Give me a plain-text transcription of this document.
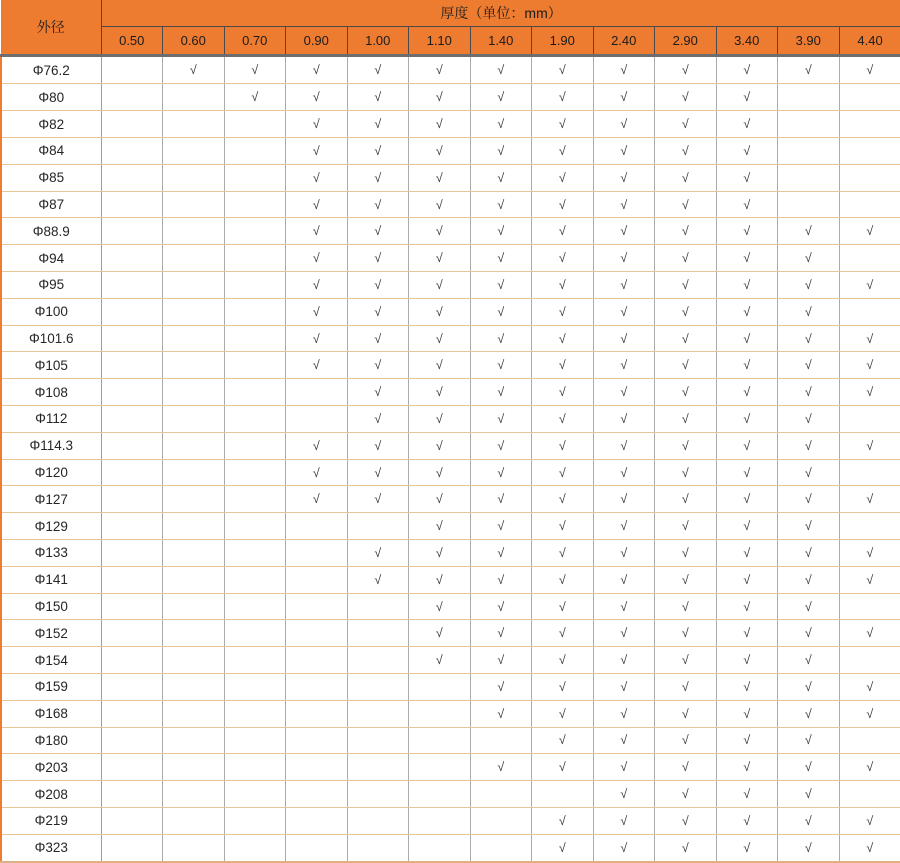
外径	厚度（单位：mm）												
	0.50	0.60	0.70	0.90	1.00	1.10	1.40	1.90	2.40	2.90	3.40	3.90	4.40
Φ76.2		√	√	√	√	√	√	√	√	√	√	√	√
Φ80			√	√	√	√	√	√	√	√	√		
Φ82				√	√	√	√	√	√	√	√		
Φ84				√	√	√	√	√	√	√	√		
Φ85				√	√	√	√	√	√	√	√		
Φ87				√	√	√	√	√	√	√	√		
Φ88.9				√	√	√	√	√	√	√	√	√	√
Φ94				√	√	√	√	√	√	√	√	√	
Φ95				√	√	√	√	√	√	√	√	√	√
Φ100				√	√	√	√	√	√	√	√	√	
Φ101.6				√	√	√	√	√	√	√	√	√	√
Φ105				√	√	√	√	√	√	√	√	√	√
Φ108					√	√	√	√	√	√	√	√	√
Φ112					√	√	√	√	√	√	√	√	
Φ114.3				√	√	√	√	√	√	√	√	√	√
Φ120				√	√	√	√	√	√	√	√	√	
Φ127				√	√	√	√	√	√	√	√	√	√
Φ129						√	√	√	√	√	√	√	
Φ133					√	√	√	√	√	√	√	√	√
Φ141					√	√	√	√	√	√	√	√	√
Φ150						√	√	√	√	√	√	√	
Φ152						√	√	√	√	√	√	√	√
Φ154						√	√	√	√	√	√	√	
Φ159							√	√	√	√	√	√	√
Φ168							√	√	√	√	√	√	√
Φ180								√	√	√	√	√	
Φ203							√	√	√	√	√	√	√
Φ208									√	√	√	√	
Φ219								√	√	√	√	√	√
Φ323								√	√	√	√	√	√
